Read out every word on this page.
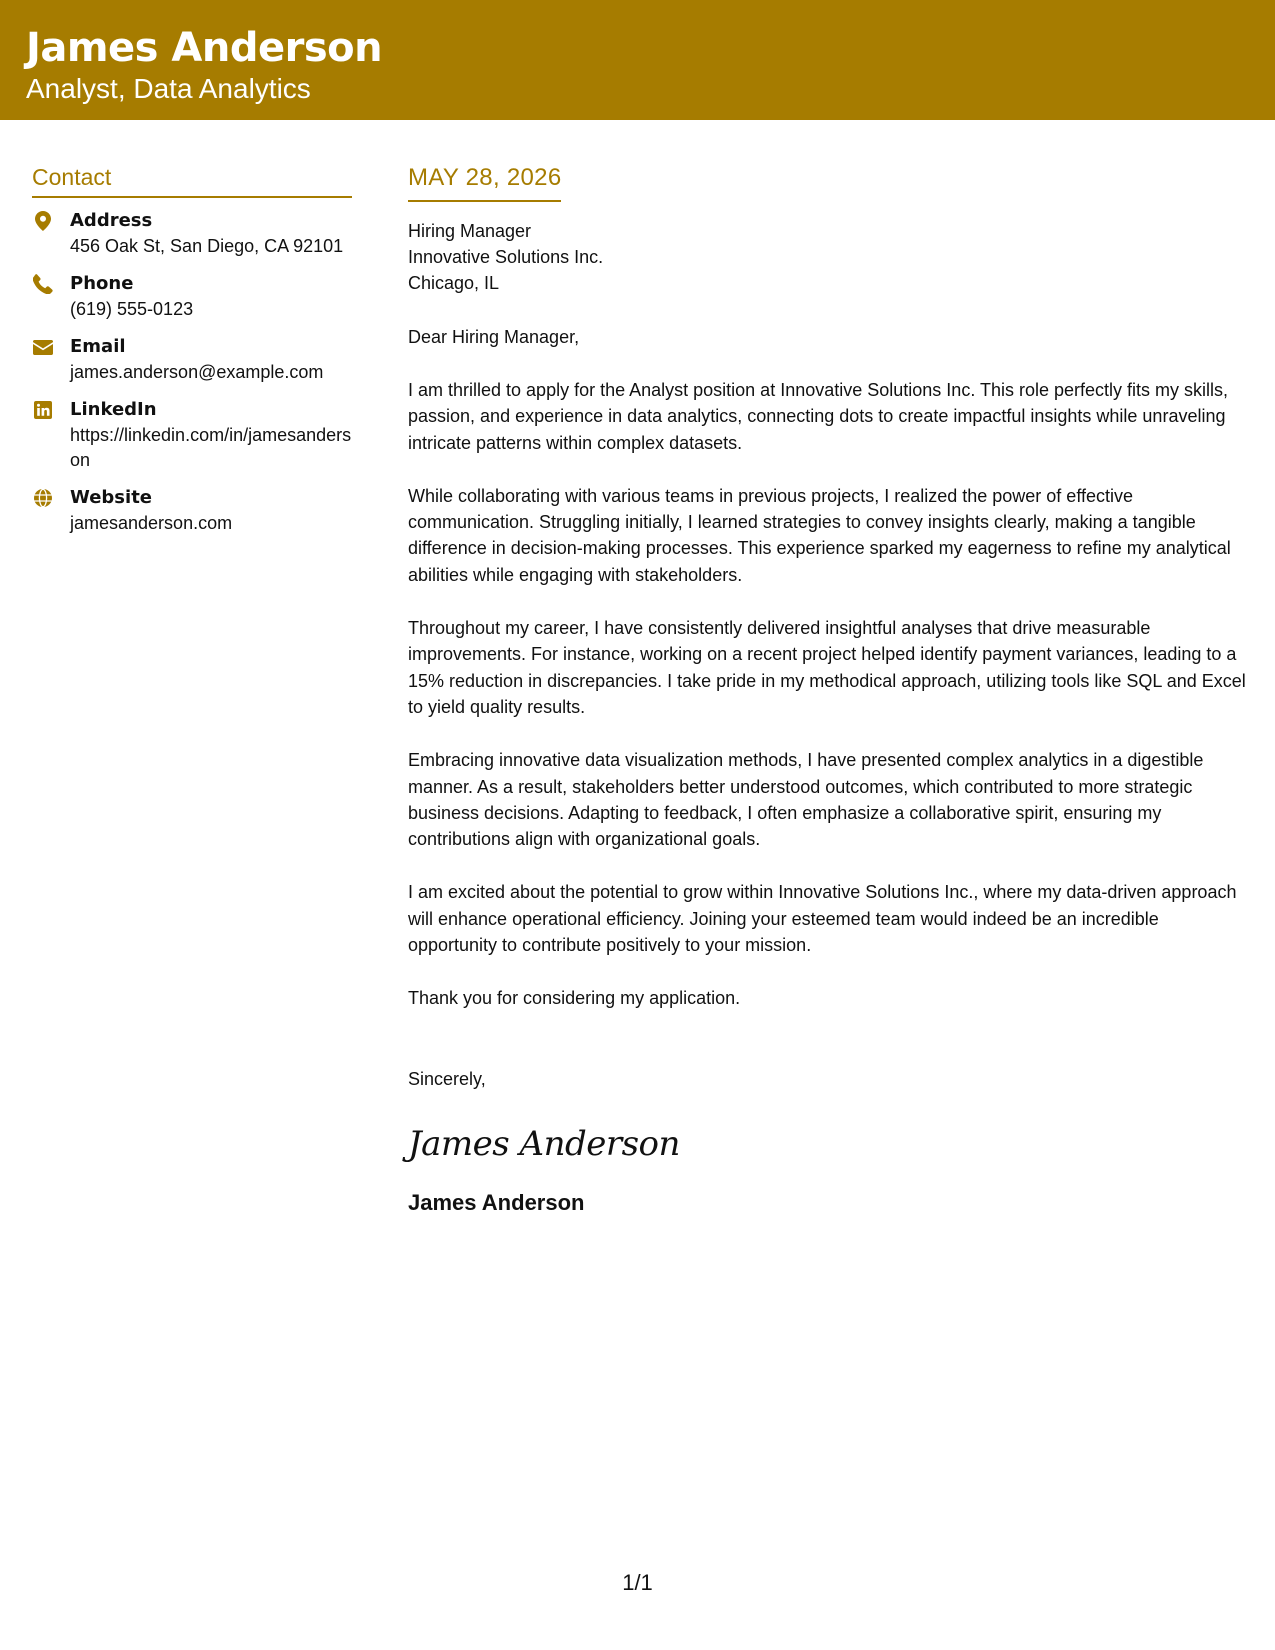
James Anderson
Analyst, Data Analytics
Contact
Address
456 Oak St, San Diego, CA 92101
Phone
(619) 555-0123
Email
james.anderson@example.com
LinkedIn
https://linkedin.com/in/jamesanderson
Website
jamesanderson.com
MAY 28, 2026
Hiring Manager
Innovative Solutions Inc.
Chicago, IL
Dear Hiring Manager,
I am thrilled to apply for the Analyst position at Innovative Solutions Inc. This role perfectly fits my skills, passion, and experience in data analytics, connecting dots to create impactful insights while unraveling intricate patterns within complex datasets.
While collaborating with various teams in previous projects, I realized the power of effective communication. Struggling initially, I learned strategies to convey insights clearly, making a tangible difference in decision-making processes. This experience sparked my eagerness to refine my analytical abilities while engaging with stakeholders.
Throughout my career, I have consistently delivered insightful analyses that drive measurable improvements. For instance, working on a recent project helped identify payment variances, leading to a 15% reduction in discrepancies. I take pride in my methodical approach, utilizing tools like SQL and Excel to yield quality results.
Embracing innovative data visualization methods, I have presented complex analytics in a digestible manner. As a result, stakeholders better understood outcomes, which contributed to more strategic business decisions. Adapting to feedback, I often emphasize a collaborative spirit, ensuring my contributions align with organizational goals.
I am excited about the potential to grow within Innovative Solutions Inc., where my data-driven approach will enhance operational efficiency. Joining your esteemed team would indeed be an incredible opportunity to contribute positively to your mission.
Thank you for considering my application.
Sincerely,
James Anderson
James Anderson
1/1
